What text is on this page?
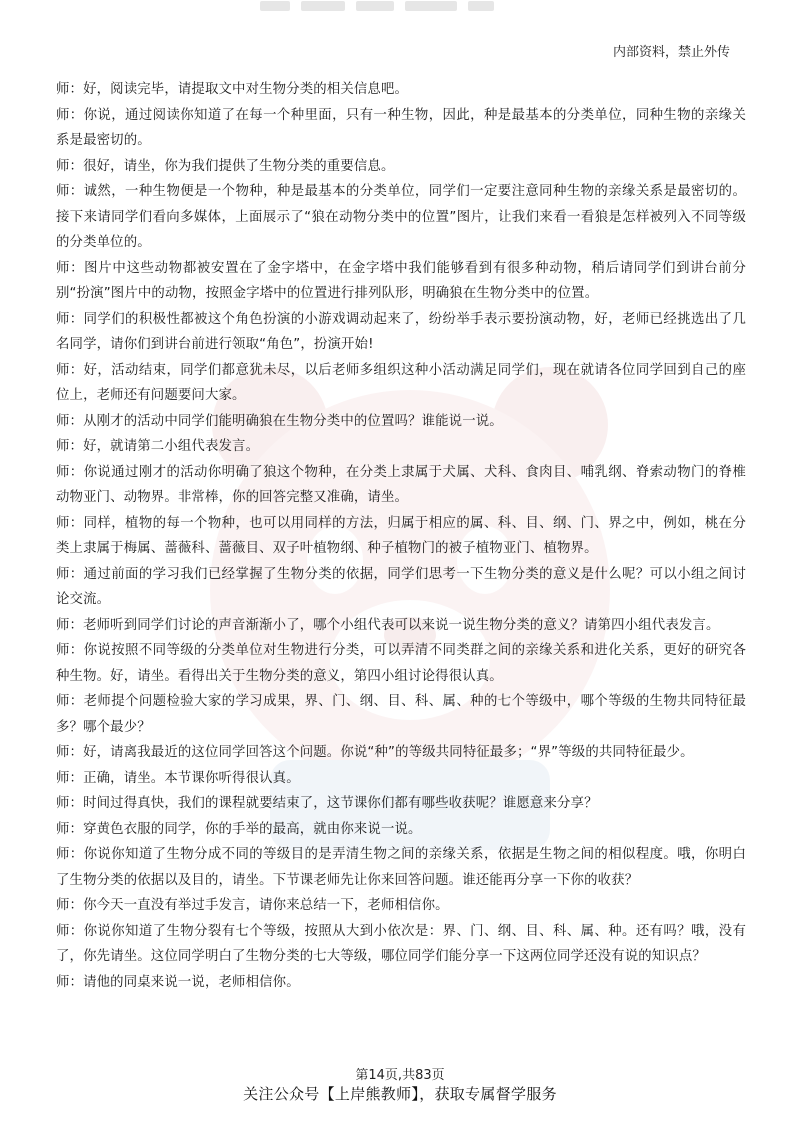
内部资料，禁止外传

师：好，阅读完毕，请提取文中对生物分类的相关信息吧。

师：你说，通过阅读你知道了在每一个种里面，只有一种生物，因此，种是最基本的分类单位，同种生物的亲缘关系是最密切的。

师：很好，请坐，你为我们提供了生物分类的重要信息。

师：诚然，一种生物便是一个物种，种是最基本的分类单位，同学们一定要注意同种生物的亲缘关系是最密切的。接下来请同学们看向多媒体，上面展示了“狼在动物分类中的位置”图片，让我们来看一看狼是怎样被列入不同等级的分类单位的。

师：图片中这些动物都被安置在了金字塔中，在金字塔中我们能够看到有很多种动物，稍后请同学们到讲台前分别“扮演”图片中的动物，按照金字塔中的位置进行排列队形，明确狼在生物分类中的位置。

师：同学们的积极性都被这个角色扮演的小游戏调动起来了，纷纷举手表示要扮演动物，好，老师已经挑选出了几名同学，请你们到讲台前进行领取“角色”，扮演开始!

师：好，活动结束，同学们都意犹未尽，以后老师多组织这种小活动满足同学们，现在就请各位同学回到自己的座位上，老师还有问题要问大家。

师：从刚才的活动中同学们能明确狼在生物分类中的位置吗？谁能说一说。

师：好，就请第二小组代表发言。

师：你说通过刚才的活动你明确了狼这个物种，在分类上隶属于犬属、犬科、食肉目、哺乳纲、脊索动物门的脊椎动物亚门、动物界。非常棒，你的回答完整又准确，请坐。

师：同样，植物的每一个物种，也可以用同样的方法，归属于相应的属、科、目、纲、门、界之中，例如，桃在分类上隶属于梅属、蔷薇科、蔷薇目、双子叶植物纲、种子植物门的被子植物亚门、植物界。

师：通过前面的学习我们已经掌握了生物分类的依据，同学们思考一下生物分类的意义是什么呢？可以小组之间讨论交流。

师：老师听到同学们讨论的声音渐渐小了，哪个小组代表可以来说一说生物分类的意义？请第四小组代表发言。

师：你说按照不同等级的分类单位对生物进行分类，可以弄清不同类群之间的亲缘关系和进化关系，更好的研究各种生物。好，请坐。看得出关于生物分类的意义，第四小组讨论得很认真。

师：老师提个问题检验大家的学习成果，界、门、纲、目、科、属、种的七个等级中，哪个等级的生物共同特征最多？哪个最少？

师：好，请离我最近的这位同学回答这个问题。你说“种”的等级共同特征最多；“界”等级的共同特征最少。

师：正确，请坐。本节课你听得很认真。

师：时间过得真快，我们的课程就要结束了，这节课你们都有哪些收获呢？谁愿意来分享？

师：穿黄色衣服的同学，你的手举的最高，就由你来说一说。

师：你说你知道了生物分成不同的等级目的是弄清生物之间的亲缘关系，依据是生物之间的相似程度。哦，你明白了生物分类的依据以及目的，请坐。下节课老师先让你来回答问题。谁还能再分享一下你的收获？

师：你今天一直没有举过手发言，请你来总结一下，老师相信你。

师：你说你知道了生物分裂有七个等级，按照从大到小依次是：界、门、纲、目、科、属、种。还有吗？哦，没有了，你先请坐。这位同学明白了生物分类的七大等级，哪位同学们能分享一下这两位同学还没有说的知识点？

师：请他的同桌来说一说，老师相信你。

第14页,共83页
关注公众号【上岸熊教师】，获取专属督学服务
